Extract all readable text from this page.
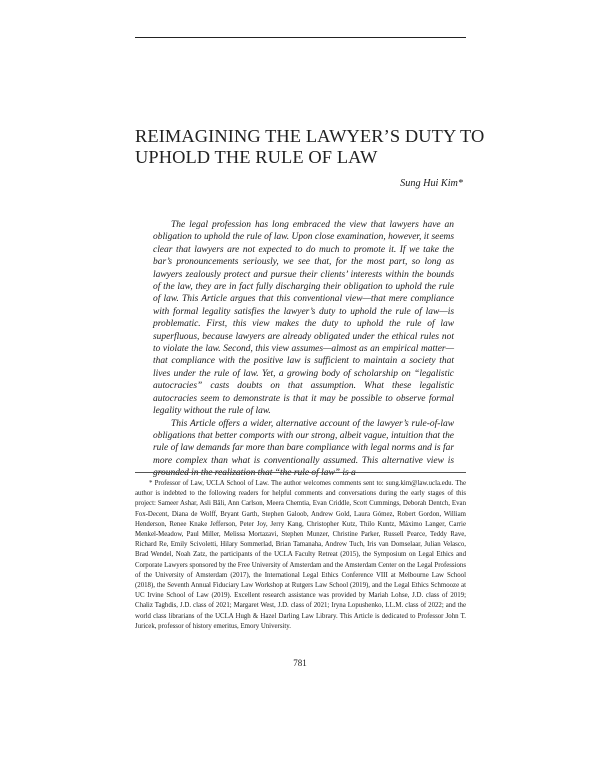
REIMAGINING THE LAWYER’S DUTY TO
UPHOLD THE RULE OF LAW
Sung Hui Kim*

The legal profession has long embraced the view that lawyers have an obligation to uphold the rule of law. Upon close examination, however, it seems clear that lawyers are not expected to do much to promote it. If we take the bar’s pronouncements seriously, we see that, for the most part, so long as lawyers zealously protect and pursue their clients’ interests within the bounds of the law, they are in fact fully discharging their obligation to uphold the rule of law. This Article argues that this conventional view—that mere compliance with formal legality satisfies the lawyer’s duty to uphold the rule of law—is problematic. First, this view makes the duty to uphold the rule of law superfluous, because lawyers are already obligated under the ethical rules not to violate the law. Second, this view assumes—almost as an empirical matter—that compliance with the positive law is sufficient to maintain a society that lives under the rule of law. Yet, a growing body of scholarship on “legalistic autocracies” casts doubts on that assumption. What these legalistic autocracies seem to demonstrate is that it may be possible to observe formal legality without the rule of law.

This Article offers a wider, alternative account of the lawyer’s rule-of-law obligations that better comports with our strong, albeit vague, intuition that the rule of law demands far more than bare compliance with legal norms and is far more complex than what is conventionally assumed. This alternative view is grounded in the realization that “the rule of law” is a

* Professor of Law, UCLA School of Law. The author welcomes comments sent to: sung.kim@law.ucla.edu. The author is indebted to the following readers for helpful comments and conversations during the early stages of this project: Sameer Ashar, Asli Bâli, Ann Carlson, Meera Chemtia, Evan Criddle, Scott Cummings, Deborah Dentch, Evan Fox-Decent, Diana de Wolff, Bryant Garth, Stephen Galoob, Andrew Gold, Laura Gómez, Robert Gordon, William Henderson, Renee Knake Jefferson, Peter Joy, Jerry Kang, Christopher Kutz, Thilo Kuntz, Máximo Langer, Carrie Menkel-Meadow, Paul Miller, Melissa Mortazavi, Stephen Munzer, Christine Parker, Russell Pearce, Teddy Rave, Richard Re, Emily Scivoletti, Hilary Sommerlad, Brian Tamanaha, Andrew Tuch, Iris van Domselaar, Julian Velasco, Brad Wendel, Noah Zatz, the participants of the UCLA Faculty Retreat (2015), the Symposium on Legal Ethics and Corporate Lawyers sponsored by the Free University of Amsterdam and the Amsterdam Center on the Legal Professions of the University of Amsterdam (2017), the International Legal Ethics Conference VIII at Melbourne Law School (2018), the Seventh Annual Fiduciary Law Workshop at Rutgers Law School (2019), and the Legal Ethics Schmooze at UC Irvine School of Law (2019). Excellent research assistance was provided by Mariah Lohse, J.D. class of 2019; Chaliz Taghdis, J.D. class of 2021; Margaret West, J.D. class of 2021; Iryna Lopushenko, LL.M. class of 2022; and the world class librarians of the UCLA Hugh & Hazel Darling Law Library. This Article is dedicated to Professor John T. Juricek, professor of history emeritus, Emory University.

781
